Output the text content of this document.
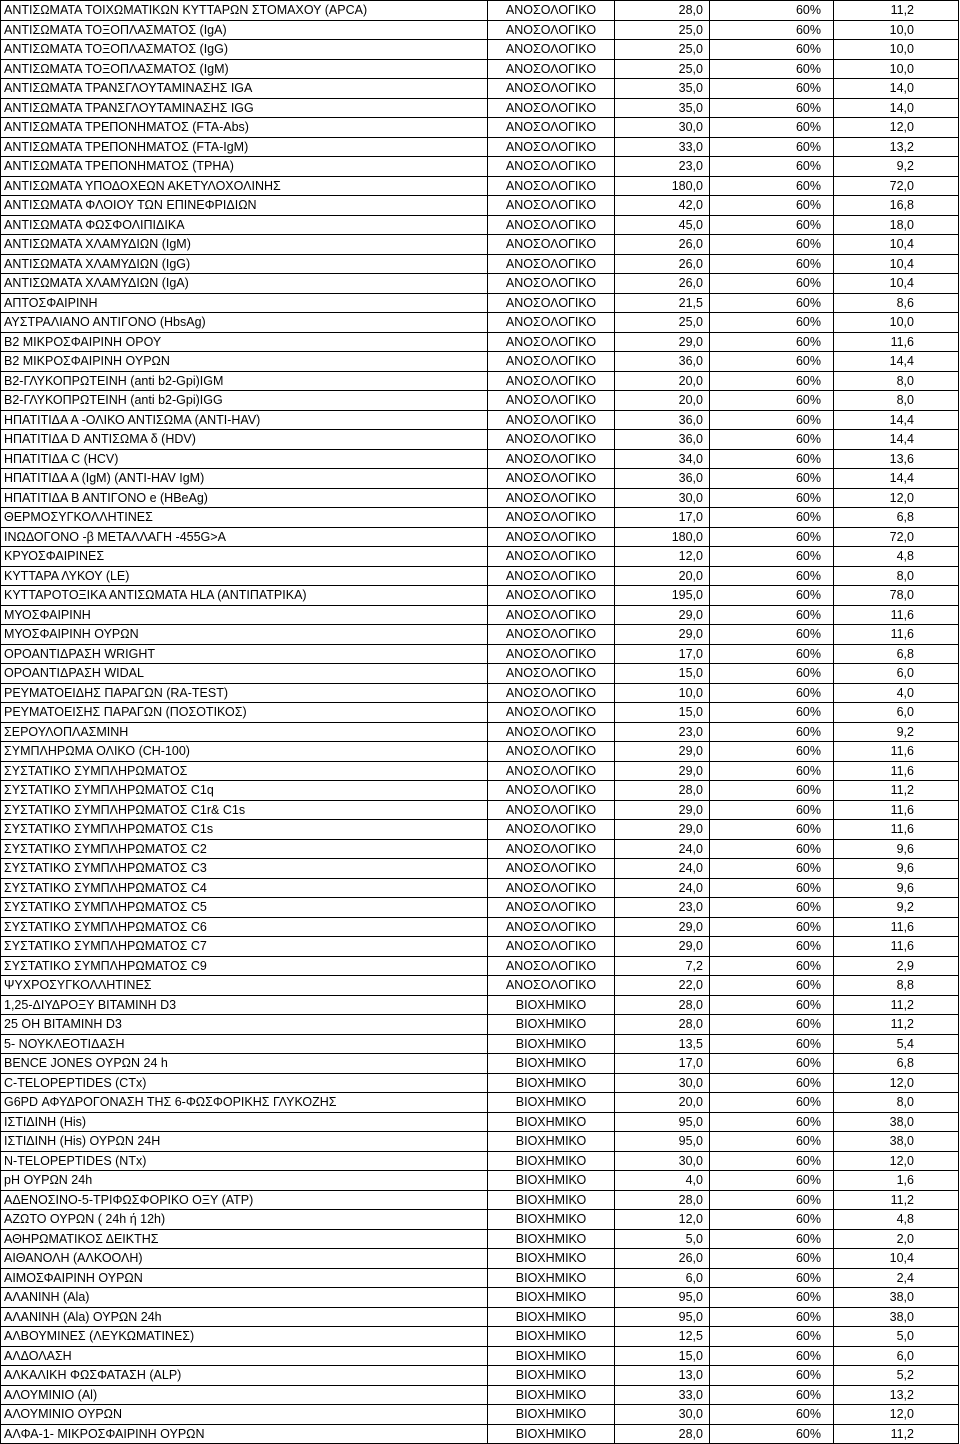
ΑΝΤΙΣΩΜΑΤΑ ΤΟΙΧΩΜΑΤΙΚΩΝ ΚΥΤΤΑΡΩΝ ΣΤΟΜΑΧΟΥ (APCA)	ΑΝΟΣΟΛΟΓΙΚΟ	28,0	60%	11,2
ΑΝΤΙΣΩΜΑΤΑ ΤΟΞΟΠΛΑΣΜΑΤΟΣ (IgA)	ΑΝΟΣΟΛΟΓΙΚΟ	25,0	60%	10,0
ΑΝΤΙΣΩΜΑΤΑ ΤΟΞΟΠΛΑΣΜΑΤΟΣ (IgG)	ΑΝΟΣΟΛΟΓΙΚΟ	25,0	60%	10,0
ΑΝΤΙΣΩΜΑΤΑ ΤΟΞΟΠΛΑΣΜΑΤΟΣ (IgM)	ΑΝΟΣΟΛΟΓΙΚΟ	25,0	60%	10,0
ΑΝΤΙΣΩΜΑΤΑ ΤΡΑΝΣΓΛΟΥΤΑΜΙΝΑΣΗΣ IGA	ΑΝΟΣΟΛΟΓΙΚΟ	35,0	60%	14,0
ΑΝΤΙΣΩΜΑΤΑ ΤΡΑΝΣΓΛΟΥΤΑΜΙΝΑΣΗΣ IGG	ΑΝΟΣΟΛΟΓΙΚΟ	35,0	60%	14,0
ΑΝΤΙΣΩΜΑΤΑ ΤΡΕΠΟΝΗΜΑΤΟΣ (FTA-Abs)	ΑΝΟΣΟΛΟΓΙΚΟ	30,0	60%	12,0
ΑΝΤΙΣΩΜΑΤΑ ΤΡΕΠΟΝΗΜΑΤΟΣ (FTA-IgM)	ΑΝΟΣΟΛΟΓΙΚΟ	33,0	60%	13,2
ΑΝΤΙΣΩΜΑΤΑ ΤΡΕΠΟΝΗΜΑΤΟΣ (TPHA)	ΑΝΟΣΟΛΟΓΙΚΟ	23,0	60%	9,2
ΑΝΤΙΣΩΜΑΤΑ ΥΠΟΔΟΧΕΩΝ ΑΚΕΤΥΛΟΧΟΛΙΝΗΣ	ΑΝΟΣΟΛΟΓΙΚΟ	180,0	60%	72,0
ΑΝΤΙΣΩΜΑΤΑ ΦΛΟΙΟΥ ΤΩΝ ΕΠΙΝΕΦΡΙΔΙΩΝ	ΑΝΟΣΟΛΟΓΙΚΟ	42,0	60%	16,8
ΑΝΤΙΣΩΜΑΤΑ ΦΩΣΦΟΛΙΠΙΔΙΚΑ	ΑΝΟΣΟΛΟΓΙΚΟ	45,0	60%	18,0
ΑΝΤΙΣΩΜΑΤΑ ΧΛΑΜΥΔΙΩΝ (IgM)	ΑΝΟΣΟΛΟΓΙΚΟ	26,0	60%	10,4
ΑΝΤΙΣΩΜΑΤΑ ΧΛΑΜΥΔΙΩΝ (IgG)	ΑΝΟΣΟΛΟΓΙΚΟ	26,0	60%	10,4
ΑΝΤΙΣΩΜΑΤΑ ΧΛΑΜΥΔΙΩΝ (IgA)	ΑΝΟΣΟΛΟΓΙΚΟ	26,0	60%	10,4
ΑΠΤΟΣΦΑΙΡΙΝΗ	ΑΝΟΣΟΛΟΓΙΚΟ	21,5	60%	8,6
ΑΥΣΤΡΑΛΙΑΝΟ ΑΝΤΙΓΟΝΟ (HbsAg)	ΑΝΟΣΟΛΟΓΙΚΟ	25,0	60%	10,0
Β2 ΜΙΚΡΟΣΦΑΙΡΙΝΗ ΟΡΟΥ	ΑΝΟΣΟΛΟΓΙΚΟ	29,0	60%	11,6
Β2 ΜΙΚΡΟΣΦΑΙΡΙΝΗ ΟΥΡΩΝ	ΑΝΟΣΟΛΟΓΙΚΟ	36,0	60%	14,4
Β2-ΓΛΥΚΟΠΡΩΤΕΙΝΗ (anti b2-Gpi)IGM	ΑΝΟΣΟΛΟΓΙΚΟ	20,0	60%	8,0
Β2-ΓΛΥΚΟΠΡΩΤΕΙΝΗ (anti b2-Gpi)IGG	ΑΝΟΣΟΛΟΓΙΚΟ	20,0	60%	8,0
ΗΠΑΤΙΤΙΔΑ Α -ΟΛΙΚΟ ΑΝΤΙΣΩΜΑ (ANTI-HAV)	ΑΝΟΣΟΛΟΓΙΚΟ	36,0	60%	14,4
ΗΠΑΤΙΤΙΔΑ D ΑΝΤΙΣΩΜΑ δ (HDV)	ΑΝΟΣΟΛΟΓΙΚΟ	36,0	60%	14,4
ΗΠΑΤΙΤΙΔΑ C (HCV)	ΑΝΟΣΟΛΟΓΙΚΟ	34,0	60%	13,6
ΗΠΑΤΙΤΙΔΑ Α (IgM) (ANTI-HAV IgM)	ΑΝΟΣΟΛΟΓΙΚΟ	36,0	60%	14,4
ΗΠΑΤΙΤΙΔΑ Β ΑΝΤΙΓΟΝΟ e (HBeAg)	ΑΝΟΣΟΛΟΓΙΚΟ	30,0	60%	12,0
ΘΕΡΜΟΣΥΓΚΟΛΛΗΤΙΝΕΣ	ΑΝΟΣΟΛΟΓΙΚΟ	17,0	60%	6,8
ΙΝΩΔΟΓΟΝΟ -β ΜΕΤΑΛΛΑΓΗ -455G>A	ΑΝΟΣΟΛΟΓΙΚΟ	180,0	60%	72,0
ΚΡΥΟΣΦΑΙΡΙΝΕΣ	ΑΝΟΣΟΛΟΓΙΚΟ	12,0	60%	4,8
ΚΥΤΤΑΡΑ ΛΥΚΟΥ (LE)	ΑΝΟΣΟΛΟΓΙΚΟ	20,0	60%	8,0
ΚΥΤΤΑΡΟΤΟΞΙΚΑ ΑΝΤΙΣΩΜΑΤΑ HLA (ΑΝΤΙΠΑΤΡΙΚΑ)	ΑΝΟΣΟΛΟΓΙΚΟ	195,0	60%	78,0
ΜΥΟΣΦΑΙΡΙΝΗ	ΑΝΟΣΟΛΟΓΙΚΟ	29,0	60%	11,6
ΜΥΟΣΦΑΙΡΙΝΗ ΟΥΡΩΝ	ΑΝΟΣΟΛΟΓΙΚΟ	29,0	60%	11,6
ΟΡΟΑΝΤΙΔΡΑΣΗ WRIGHT	ΑΝΟΣΟΛΟΓΙΚΟ	17,0	60%	6,8
ΟΡΟΑΝΤΙΔΡΑΣΗ WIDAL	ΑΝΟΣΟΛΟΓΙΚΟ	15,0	60%	6,0
ΡΕΥΜΑΤΟΕΙΔΗΣ ΠΑΡΑΓΩΝ (RA-TEST)	ΑΝΟΣΟΛΟΓΙΚΟ	10,0	60%	4,0
ΡΕΥΜΑΤΟΕΙΣΗΣ ΠΑΡΑΓΩΝ (ΠΟΣΟΤΙΚΟΣ)	ΑΝΟΣΟΛΟΓΙΚΟ	15,0	60%	6,0
ΣΕΡΟΥΛΟΠΛΑΣΜΙΝΗ	ΑΝΟΣΟΛΟΓΙΚΟ	23,0	60%	9,2
ΣΥΜΠΛΗΡΩΜΑ ΟΛΙΚΟ (CH-100)	ΑΝΟΣΟΛΟΓΙΚΟ	29,0	60%	11,6
ΣΥΣΤΑΤΙΚΟ ΣΥΜΠΛΗΡΩΜΑΤΟΣ	ΑΝΟΣΟΛΟΓΙΚΟ	29,0	60%	11,6
ΣΥΣΤΑΤΙΚΟ ΣΥΜΠΛΗΡΩΜΑΤΟΣ C1q	ΑΝΟΣΟΛΟΓΙΚΟ	28,0	60%	11,2
ΣΥΣΤΑΤΙΚΟ ΣΥΜΠΛΗΡΩΜΑΤΟΣ C1r& C1s	ΑΝΟΣΟΛΟΓΙΚΟ	29,0	60%	11,6
ΣΥΣΤΑΤΙΚΟ ΣΥΜΠΛΗΡΩΜΑΤΟΣ C1s	ΑΝΟΣΟΛΟΓΙΚΟ	29,0	60%	11,6
ΣΥΣΤΑΤΙΚΟ ΣΥΜΠΛΗΡΩΜΑΤΟΣ C2	ΑΝΟΣΟΛΟΓΙΚΟ	24,0	60%	9,6
ΣΥΣΤΑΤΙΚΟ ΣΥΜΠΛΗΡΩΜΑΤΟΣ C3	ΑΝΟΣΟΛΟΓΙΚΟ	24,0	60%	9,6
ΣΥΣΤΑΤΙΚΟ ΣΥΜΠΛΗΡΩΜΑΤΟΣ C4	ΑΝΟΣΟΛΟΓΙΚΟ	24,0	60%	9,6
ΣΥΣΤΑΤΙΚΟ ΣΥΜΠΛΗΡΩΜΑΤΟΣ C5	ΑΝΟΣΟΛΟΓΙΚΟ	23,0	60%	9,2
ΣΥΣΤΑΤΙΚΟ ΣΥΜΠΛΗΡΩΜΑΤΟΣ C6	ΑΝΟΣΟΛΟΓΙΚΟ	29,0	60%	11,6
ΣΥΣΤΑΤΙΚΟ ΣΥΜΠΛΗΡΩΜΑΤΟΣ C7	ΑΝΟΣΟΛΟΓΙΚΟ	29,0	60%	11,6
ΣΥΣΤΑΤΙΚΟ ΣΥΜΠΛΗΡΩΜΑΤΟΣ C9	ΑΝΟΣΟΛΟΓΙΚΟ	7,2	60%	2,9
ΨΥΧΡΟΣΥΓΚΟΛΛΗΤΙΝΕΣ	ΑΝΟΣΟΛΟΓΙΚΟ	22,0	60%	8,8
1,25-ΔΙΥΔΡΟΞΥ ΒΙΤΑΜΙΝΗ D3	ΒΙΟΧΗΜΙΚΟ	28,0	60%	11,2
25 OH ΒΙΤΑΜΙΝΗ D3	ΒΙΟΧΗΜΙΚΟ	28,0	60%	11,2
5- ΝΟΥΚΛΕΟΤΙΔΑΣΗ	ΒΙΟΧΗΜΙΚΟ	13,5	60%	5,4
BENCE JONES ΟΥΡΩΝ 24 h	ΒΙΟΧΗΜΙΚΟ	17,0	60%	6,8
C-TELOPEPTIDES (CTx)	ΒΙΟΧΗΜΙΚΟ	30,0	60%	12,0
G6PD ΑΦΥΔΡΟΓΟΝΑΣΗ ΤΗΣ 6-ΦΩΣΦΟΡΙΚΗΣ ΓΛΥΚΟΖΗΣ	ΒΙΟΧΗΜΙΚΟ	20,0	60%	8,0
ΙΣΤΙΔΙΝΗ (His)	ΒΙΟΧΗΜΙΚΟ	95,0	60%	38,0
ΙΣΤΙΔΙΝΗ (His) ΟΥΡΩΝ 24Η	ΒΙΟΧΗΜΙΚΟ	95,0	60%	38,0
N-TELOPEPTIDES (NTx)	ΒΙΟΧΗΜΙΚΟ	30,0	60%	12,0
pH ΟΥΡΩΝ 24h	ΒΙΟΧΗΜΙΚΟ	4,0	60%	1,6
ΑΔΕΝΟΣΙΝΟ-5-ΤΡΙΦΩΣΦΟΡΙΚΟ ΟΞΥ (ATP)	ΒΙΟΧΗΜΙΚΟ	28,0	60%	11,2
ΑΖΩΤΟ ΟΥΡΩΝ ( 24h ή 12h)	ΒΙΟΧΗΜΙΚΟ	12,0	60%	4,8
ΑΘΗΡΩΜΑΤΙΚΟΣ ΔΕΙΚΤΗΣ	ΒΙΟΧΗΜΙΚΟ	5,0	60%	2,0
ΑΙΘΑΝΟΛΗ (ΑΛΚΟΟΛΗ)	ΒΙΟΧΗΜΙΚΟ	26,0	60%	10,4
ΑΙΜΟΣΦΑΙΡΙΝΗ ΟΥΡΩΝ	ΒΙΟΧΗΜΙΚΟ	6,0	60%	2,4
ΑΛΑΝΙΝΗ (Ala)	ΒΙΟΧΗΜΙΚΟ	95,0	60%	38,0
ΑΛΑΝΙΝΗ (Ala) ΟΥΡΩΝ 24h	ΒΙΟΧΗΜΙΚΟ	95,0	60%	38,0
ΑΛΒΟΥΜΙΝΕΣ (ΛΕΥΚΩΜΑΤΙΝΕΣ)	ΒΙΟΧΗΜΙΚΟ	12,5	60%	5,0
ΑΛΔΟΛΑΣΗ	ΒΙΟΧΗΜΙΚΟ	15,0	60%	6,0
ΑΛΚΑΛΙΚΗ ΦΩΣΦΑΤΑΣΗ (ALP)	ΒΙΟΧΗΜΙΚΟ	13,0	60%	5,2
ΑΛΟΥΜΙΝΙΟ (Al)	ΒΙΟΧΗΜΙΚΟ	33,0	60%	13,2
ΑΛΟΥΜΙΝΙΟ ΟΥΡΩΝ	ΒΙΟΧΗΜΙΚΟ	30,0	60%	12,0
ΑΛΦΑ-1- ΜΙΚΡΟΣΦΑΙΡΙΝΗ ΟΥΡΩΝ	ΒΙΟΧΗΜΙΚΟ	28,0	60%	11,2
